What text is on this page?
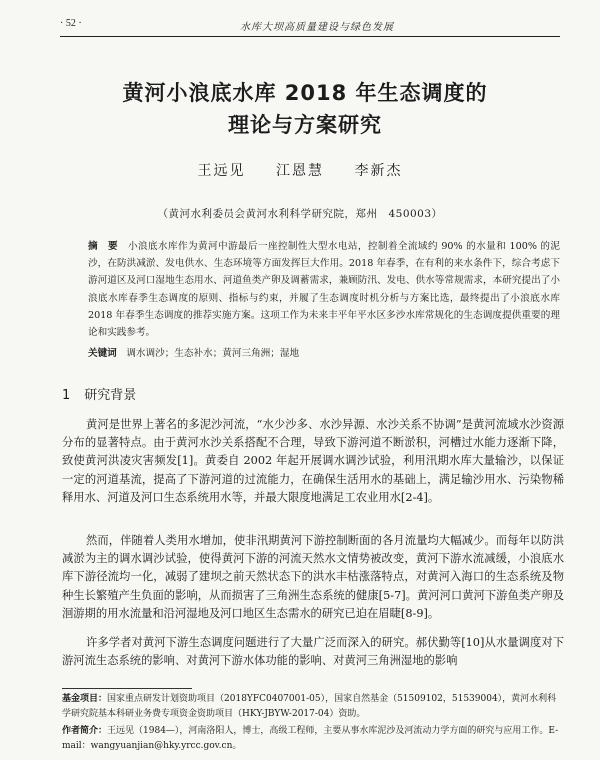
· 52 ·	水库大坝高质量建设与绿色发展
黄河小浪底水库 2018 年生态调度的
理论与方案研究
王远见 江恩慧 李新杰
（黄河水利委员会黄河水利科学研究院，郑州　450003）
摘　要　 小浪底水库作为黄河中游最后一座控制性大型水电站，控制着全流域约 90% 的水量和 100% 的泥沙，在防洪减淤、发电供水、生态环境等方面发挥巨大作用。2018 年春季，在有利的来水条件下，综合考虑下游河道区及河口湿地生态用水、河道鱼类产卵及调蓄需求，兼顾防汛、发电、供水等常规需求，本研究提出了小浪底水库春季生态调度的原则、指标与约束，并履了生态调度时机分析与方案比选，最终提出了小浪底水库 2018 年春季生态调度的推荐实施方案。这项工作为未来丰平年平水区多沙水库常规化的生态调度提供重要的理论和实践参考。
关键词　 调水调沙；生态补水；黄河三角洲；湿地
1 研究背景
黄河是世界上著名的多泥沙河流，“水少沙多、水沙异源、水沙关系不协调”是黄河流域水沙资源分布的显著特点。由于黄河水沙关系搭配不合理，导致下游河道不断淤积，河槽过水能力逐渐下降，致使黄河洪凌灾害频发[1]。黄委自 2002 年起开展调水调沙试验，利用汛期水库大量输沙，以保证一定的河道基流，提高了下游河道的过流能力，在确保生活用水的基础上，满足输沙用水、污染物稀释用水、河道及河口生态系统用水等，并最大限度地满足工农业用水[2-4]。
然而，伴随着人类用水增加，使非汛期黄河下游控制断面的各月流量均大幅减少。而每年以防洪减淤为主的调水调沙试验，使得黄河下游的河流天然水文情势被改变，黄河下游水流减缓，小浪底水库下游径流均一化，减弱了建坝之前天然状态下的洪水丰枯涨落特点，对黄河入海口的生态系统及物种生长繁殖产生负面的影响，从而损害了三角洲生态系统的健康[5-7]。黄河河口黄河下游鱼类产卵及洄游期的用水流量和沿河湿地及河口地区生态需水的研究已迫在眉睫[8-9]。
许多学者对黄河下游生态调度问题进行了大量广泛而深入的研究。郝伏勤等[10]从水量调度对下游河流生态系统的影响、对黄河下游水体功能的影响、对黄河三角洲湿地的影响
基金项目：国家重点研发计划资助项目（2018YFC0407001-05），国家自然基金（51509102，51539004），黄河水利科学研究院基本科研业务费专项资金资助项目（HKY-JBYW-2017-04）资助。
作者简介：王远见（1984—），河南洛阳人，博士，高级工程师，主要从事水库泥沙及河流动力学方面的研究与应用工作。E-mail：wangyuanjian@hky.yrcc.gov.cn。
